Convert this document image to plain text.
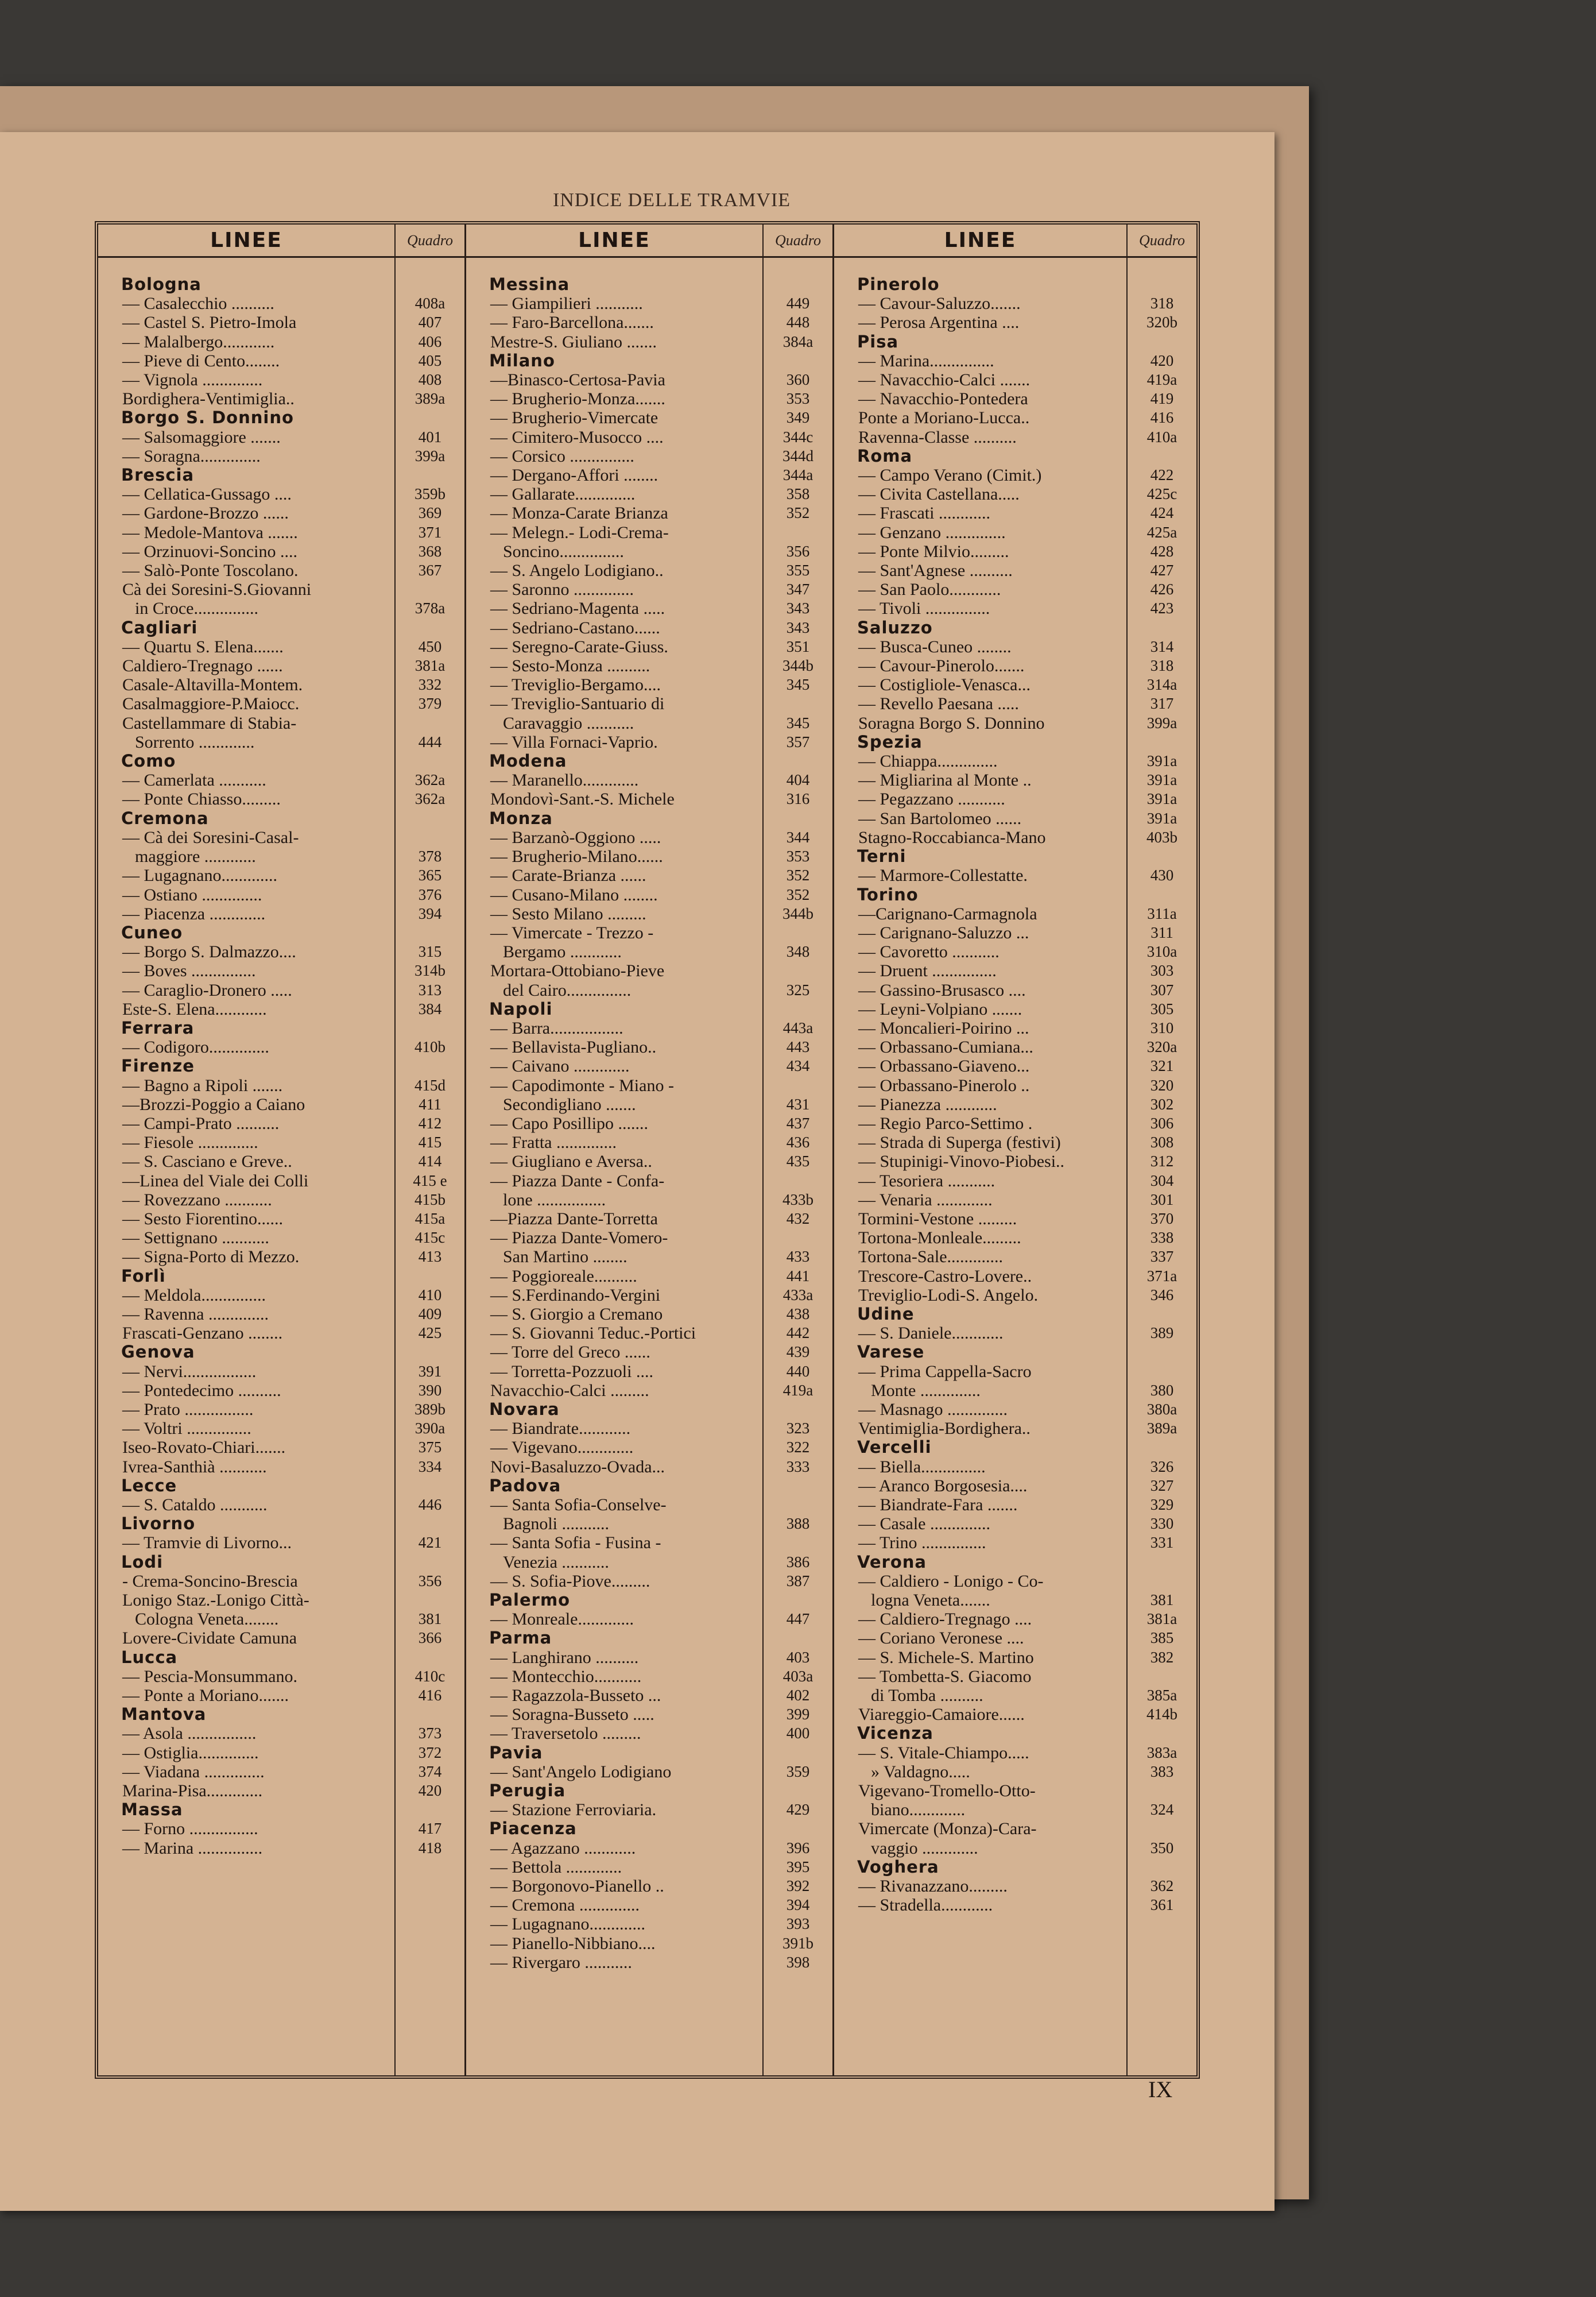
INDICE DELLE TRAMVIE
LINEE	Quadro
Bologna
— Casalecchio ..........	408a
— Castel S. Pietro-Imola	407
— Malalbergo............	406
— Pieve di Cento........	405
— Vignola ..............	408
Bordighera-Ventimiglia..	389a
Borgo S. Donnino
— Salsomaggiore .......	401
— Soragna..............	399a
Brescia
— Cellatica-Gussago ....	359b
— Gardone-Brozzo ......	369
— Medole-Mantova .......	371
— Orzinuovi-Soncino ....	368
— Salò-Ponte Toscolano.	367
Cà dei Soresini-S.Giovanni
in Croce...............	378a
Cagliari
— Quartu S. Elena.......	450
Caldiero-Tregnago ......	381a
Casale-Altavilla-Montem.	332
Casalmaggiore-P.Maiocc.	379
Castellammare di Stabia-
Sorrento .............	444
Como
— Camerlata ...........	362a
— Ponte Chiasso.........	362a
Cremona
— Cà dei Soresini-Casal-
maggiore ............	378
— Lugagnano.............	365
— Ostiano ..............	376
— Piacenza .............	394
Cuneo
— Borgo S. Dalmazzo....	315
— Boves ...............	314b
— Caraglio-Dronero .....	313
Este-S. Elena............	384
Ferrara
— Codigoro..............	410b
Firenze
— Bagno a Ripoli .......	415d
—Brozzi-Poggio a Caiano	411
— Campi-Prato ..........	412
— Fiesole ..............	415
— S. Casciano e Greve..	414
—Linea del Viale dei Colli	415 e
— Rovezzano ...........	415b
— Sesto Fiorentino......	415a
— Settignano ...........	415c
— Signa-Porto di Mezzo.	413
Forlì
— Meldola...............	410
— Ravenna ..............	409
Frascati-Genzano ........	425
Genova
— Nervi.................	391
— Pontedecimo ..........	390
— Prato ................	389b
— Voltri ...............	390a
Iseo-Rovato-Chiari.......	375
Ivrea-Santhià ...........	334
Lecce
— S. Cataldo ...........	446
Livorno
— Tramvie di Livorno...	421
Lodi
- Crema-Soncino-Brescia	356
Lonigo Staz.-Lonigo Città-
Cologna Veneta........	381
Lovere-Cividate Camuna	366
Lucca
— Pescia-Monsummano.	410c
— Ponte a Moriano.......	416
Mantova
— Asola ................	373
— Ostiglia..............	372
— Viadana ..............	374
Marina-Pisa.............	420
Massa
— Forno ................	417
— Marina ...............	418
LINEE	Quadro
Messina
— Giampilieri ...........	449
— Faro-Barcellona.......	448
Mestre-S. Giuliano .......	384a
Milano
—Binasco-Certosa-Pavia	360
— Brugherio-Monza.......	353
— Brugherio-Vimercate	349
— Cimitero-Musocco ....	344c
— Corsico ...............	344d
— Dergano-Affori ........	344a
— Gallarate..............	358
— Monza-Carate Brianza	352
— Melegn.- Lodi-Crema-
Soncino...............	356
— S. Angelo Lodigiano..	355
— Saronno ..............	347
— Sedriano-Magenta .....	343
— Sedriano-Castano......	343
— Seregno-Carate-Giuss.	351
— Sesto-Monza ..........	344b
— Treviglio-Bergamo....	345
— Treviglio-Santuario di
Caravaggio ...........	345
— Villa Fornaci-Vaprio.	357
Modena
— Maranello.............	404
Mondovì-Sant.-S. Michele	316
Monza
— Barzanò-Oggiono .....	344
— Brugherio-Milano......	353
— Carate-Brianza ......	352
— Cusano-Milano ........	352
— Sesto Milano .........	344b
— Vimercate - Trezzo -
Bergamo ............	348
Mortara-Ottobiano-Pieve
del Cairo...............	325
Napoli
— Barra.................	443a
— Bellavista-Pugliano..	443
— Caivano .............	434
— Capodimonte - Miano -
Secondigliano .......	431
— Capo Posillipo .......	437
— Fratta ..............	436
— Giugliano e Aversa..	435
— Piazza Dante - Confa-
lone ................	433b
—Piazza Dante-Torretta	432
— Piazza Dante-Vomero-
San Martino ........	433
— Poggioreale..........	441
— S.Ferdinando-Vergini	433a
— S. Giorgio a Cremano	438
— S. Giovanni Teduc.-Portici	442
— Torre del Greco ......	439
— Torretta-Pozzuoli ....	440
Navacchio-Calci .........	419a
Novara
— Biandrate............	323
— Vigevano.............	322
Novi-Basaluzzo-Ovada...	333
Padova
— Santa Sofia-Conselve-
Bagnoli ...........	388
— Santa Sofia - Fusina -
Venezia ...........	386
— S. Sofia-Piove.........	387
Palermo
— Monreale.............	447
Parma
— Langhirano ..........	403
— Montecchio...........	403a
— Ragazzola-Busseto ...	402
— Soragna-Busseto .....	399
— Traversetolo .........	400
Pavia
— Sant'Angelo Lodigiano	359
Perugia
— Stazione Ferroviaria.	429
Piacenza
— Agazzano ............	396
— Bettola .............	395
— Borgonovo-Pianello ..	392
— Cremona ..............	394
— Lugagnano.............	393
— Pianello-Nibbiano....	391b
— Rivergaro ...........	398
LINEE	Quadro
Pinerolo
— Cavour-Saluzzo.......	318
— Perosa Argentina ....	320b
Pisa
— Marina...............	420
— Navacchio-Calci .......	419a
— Navacchio-Pontedera	419
Ponte a Moriano-Lucca..	416
Ravenna-Classe ..........	410a
Roma
— Campo Verano (Cimit.)	422
— Civita Castellana.....	425c
— Frascati ............	424
— Genzano ..............	425a
— Ponte Milvio.........	428
— Sant'Agnese ..........	427
— San Paolo............	426
— Tivoli ...............	423
Saluzzo
— Busca-Cuneo ........	314
— Cavour-Pinerolo.......	318
— Costigliole-Venasca...	314a
— Revello Paesana .....	317
Soragna Borgo S. Donnino	399a
Spezia
— Chiappa..............	391a
— Migliarina al Monte ..	391a
— Pegazzano ...........	391a
— San Bartolomeo ......	391a
Stagno-Roccabianca-Mano	403b
Terni
— Marmore-Collestatte.	430
Torino
—Carignano-Carmagnola	311a
— Carignano-Saluzzo ...	311
— Cavoretto ...........	310a
— Druent ...............	303
— Gassino-Brusasco ....	307
— Leyni-Volpiano .......	305
— Moncalieri-Poirino ...	310
— Orbassano-Cumiana...	320a
— Orbassano-Giaveno...	321
— Orbassano-Pinerolo ..	320
— Pianezza ............	302
— Regio Parco-Settimo .	306
— Strada di Superga (festivi)	308
— Stupinigi-Vinovo-Piobesi..	312
— Tesoriera ...........	304
— Venaria .............	301
Tormini-Vestone .........	370
Tortona-Monleale.........	338
Tortona-Sale.............	337
Trescore-Castro-Lovere..	371a
Treviglio-Lodi-S. Angelo.	346
Udine
— S. Daniele............	389
Varese
— Prima Cappella-Sacro
Monte ..............	380
— Masnago ..............	380a
Ventimiglia-Bordighera..	389a
Vercelli
— Biella...............	326
— Aranco Borgosesia....	327
— Biandrate-Fara .......	329
— Casale ..............	330
— Trino ...............	331
Verona
— Caldiero - Lonigo - Co-
logna Veneta.......	381
— Caldiero-Tregnago ....	381a
— Coriano Veronese ....	385
— S. Michele-S. Martino	382
— Tombetta-S. Giacomo
di Tomba ..........	385a
Viareggio-Camaiore......	414b
Vicenza
— S. Vitale-Chiampo.....	383a
» Valdagno.....	383
Vigevano-Tromello-Otto-
biano.............	324
Vimercate (Monza)-Cara-
vaggio .............	350
Voghera
— Rivanazzano.........	362
— Stradella............	361
IX
